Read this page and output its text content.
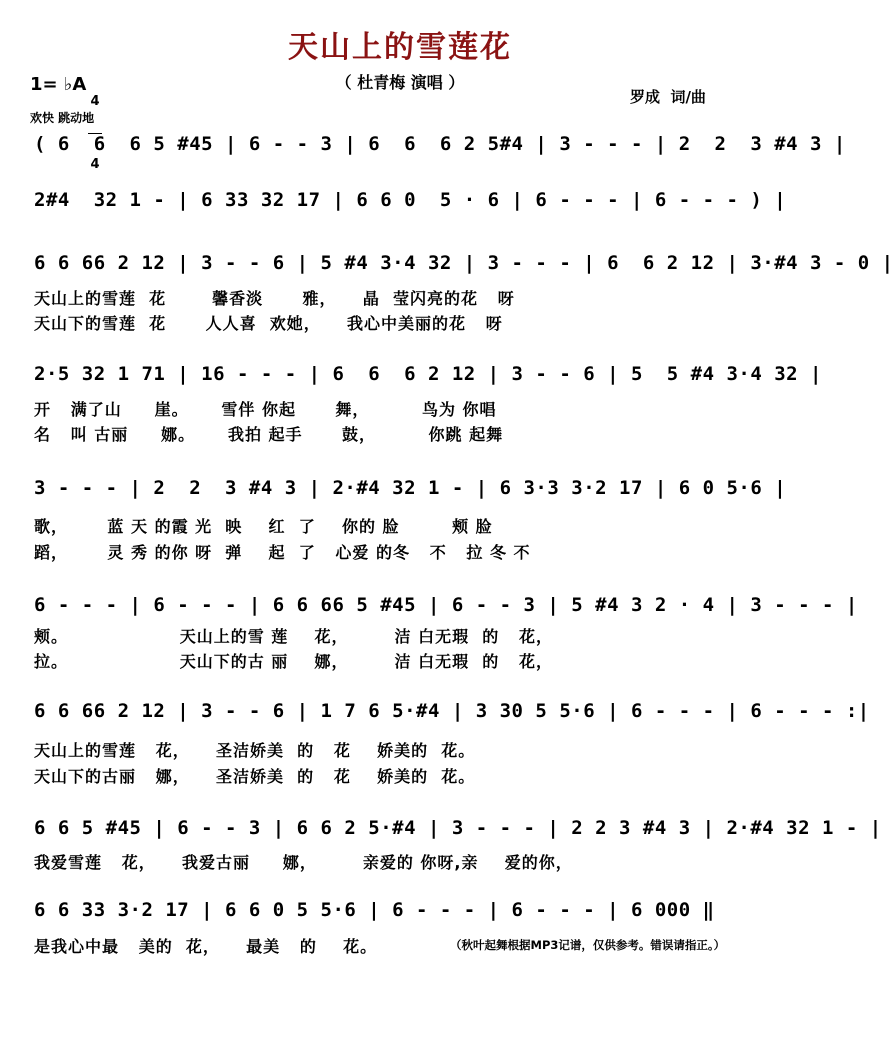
天山上的雪莲花
（ 杜青梅 演唱 ）
1= ♭A

4

4

欢快 跳动地
罗成  词/曲
( 6  6  6 5 #45 | 6 - - 3 | 6  6  6 2 5#4 | 3 - - - | 2  2  3 #4 3 |
2#4  32 1 - | 6 33 32 17 | 6 6 0  5 · 6 | 6 - - - | 6 - - - ) |
6 6 66 2 12 | 3 - - 6 | 5 #4 3·4 32 | 3 - - - | 6  6 2 12 | 3·#4 3 - 0 |
天山上的雪莲  花       馨香淡      雅，    晶  莹闪亮的花   呀
天山下的雪莲  花      人人喜  欢她，    我心中美丽的花   呀
2·5 32 1 71 | 16 - - - | 6  6  6 2 12 | 3 - - 6 | 5  5 #4 3·4 32 |
开   满了山     崖。     雪伴 你起      舞，        鸟为 你唱
名   叫 古丽     娜。     我拍 起手      鼓，        你跳 起舞
3 - - - | 2  2  3 #4 3 | 2·#4 32 1 - | 6 3·3 3·2 17 | 6 0 5·6 |
歌，      蓝 天 的霞 光  映    红  了    你的 脸        颊 脸
蹈，      灵 秀 的你 呀  弹    起  了   心爱 的冬   不   拉 冬 不
6 - - - | 6 - - - | 6 6 66 5 #45 | 6 - - 3 | 5 #4 3 2 · 4 | 3 - - - |
颊。                 天山上的雪 莲    花，       洁 白无瑕  的   花，
拉。                 天山下的古 丽    娜，       洁 白无瑕  的   花，
6 6 66 2 12 | 3 - - 6 | 1 7 6 5·#4 | 3 30 5 5·6 | 6 - - - | 6 - - - :|
天山上的雪莲   花，    圣洁娇美  的   花    娇美的  花。
天山下的古丽   娜，    圣洁娇美  的   花    娇美的  花。
6 6 5 #45 | 6 - - 3 | 6 6 2 5·#4 | 3 - - - | 2 2 3 #4 3 | 2·#4 32 1 - |
我爱雪莲   花，    我爱古丽     娜，       亲爱的 你呀,亲    爱的你，
6 6 33 3·2 17 | 6 6 0 5 5·6 | 6 - - - | 6 - - - | 6 000 ‖
是我心中最   美的  花，    最美   的    花。	（秋叶起舞根据MP3记谱，仅供参考。错误请指正。）
